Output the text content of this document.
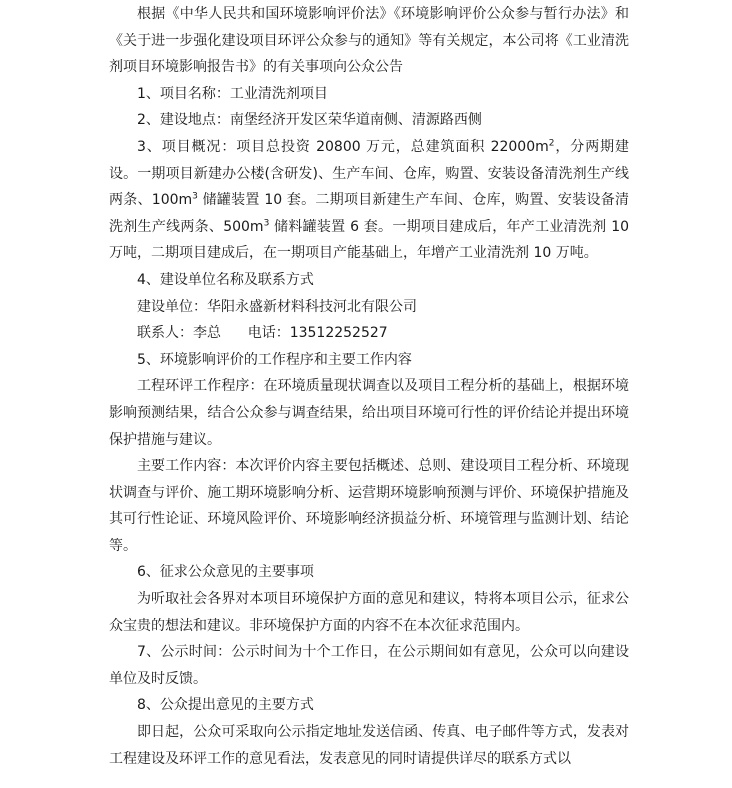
根据《中华人民共和国环境影响评价法》《环境影响评价公众参与暂行办法》和《关于进一步强化建设项目环评公众参与的通知》等有关规定，本公司将《工业清洗剂项目环境影响报告书》的有关事项向公众公告

1、项目名称：工业清洗剂项目

2、建设地点：南堡经济开发区荣华道南侧、清源路西侧

3、项目概况：项目总投资 20800 万元，总建筑面积 $22000m^2$，分两期建设。一期项目新建办公楼(含研发)、生产车间、仓库，购置、安装设备清洗剂生产线两条、$100m^3$ 储罐装置 10 套。二期项目新建生产车间、仓库，购置、安装设备清洗剂生产线两条、$500m^3$ 储料罐装置 6 套。一期项目建成后，年产工业清洗剂 10 万吨，二期项目建成后，在一期项目产能基础上，年增产工业清洗剂 10 万吨。

4、建设单位名称及联系方式

建设单位：华阳永盛新材料科技河北有限公司

联系人：李总      电话：13512252527

5、环境影响评价的工作程序和主要工作内容

工程环评工作程序：在环境质量现状调查以及项目工程分析的基础上，根据环境影响预测结果，结合公众参与调查结果，给出项目环境可行性的评价结论并提出环境保护措施与建议。

主要工作内容：本次评价内容主要包括概述、总则、建设项目工程分析、环境现状调查与评价、施工期环境影响分析、运营期环境影响预测与评价、环境保护措施及其可行性论证、环境风险评价、环境影响经济损益分析、环境管理与监测计划、结论等。

6、征求公众意见的主要事项

为听取社会各界对本项目环境保护方面的意见和建议，特将本项目公示，征求公众宝贵的想法和建议。非环境保护方面的内容不在本次征求范围内。

7、公示时间：公示时间为十个工作日，在公示期间如有意见，公众可以向建设单位及时反馈。

8、公众提出意见的主要方式

即日起，公众可采取向公示指定地址发送信函、传真、电子邮件等方式，发表对工程建设及环评工作的意见看法，发表意见的同时请提供详尽的联系方式以
